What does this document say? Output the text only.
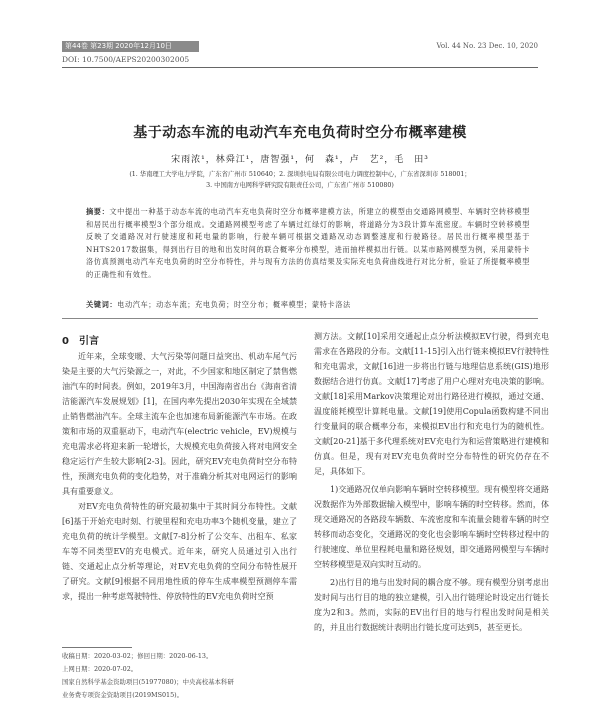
第44卷 第23期 2020年12月10日	Vol. 44 No. 23 Dec. 10, 2020
DOI: 10.7500/AEPS20200302005
基于动态车流的电动汽车充电负荷时空分布概率建模
宋雨浓¹，林舜江¹，唐智强¹，何　森¹，卢　艺²，毛　田³
(1. 华南理工大学电力学院，广东省广州市 510640；2. 深圳供电局有限公司电力调度控制中心，广东省深圳市 518001；
3. 中国南方电网科学研究院有限责任公司，广东省广州市 510080)
摘要：文中提出一种基于动态车流的电动汽车充电负荷时空分布概率建模方法，所建立的模型由交通路网模型、车辆时空转移模型和居民出行概率模型3个部分组成。交通路网模型考虑了车辆过红绿灯的影响，将道路分为3段计算车流密度。车辆时空转移模型反映了交通路况对行驶速度和耗电量的影响，行驶车辆可根据交通路况动态调整速度和行驶路径。居民出行概率模型基于NHTS2017数据集，得到出行目的地和出发时间的联合概率分布模型，进而抽样模拟出行链。以某市路网模型为例，采用蒙特卡洛仿真预测电动汽车充电负荷的时空分布特性，并与现有方法的仿真结果及实际充电负荷曲线进行对比分析，验证了所提概率模型的正确性和有效性。
关键词：电动汽车；动态车流；充电负荷；时空分布；概率模型；蒙特卡洛法
0　引言

近年来，全球变暖、大气污染等问题日益突出、机动车尾气污染是主要的大气污染源之一，对此，不少国家和地区制定了禁售燃油汽车的时间表。例如，2019年3月，中国海南省出台《海南省清洁能源汽车发展规划》[1]，在国内率先提出2030年实现在全域禁止销售燃油汽车。全球主流车企也加速布局新能源汽车市场。在政策和市场的双重驱动下，电动汽车(electric vehicle，EV)规模与充电需求必将迎来新一轮增长，大规模充电负荷接入将对电网安全稳定运行产生较大影响[2-3]。因此，研究EV充电负荷时空分布特性，预测充电负荷的变化趋势，对于准确分析其对电网运行的影响具有重要意义。

对EV充电负荷特性的研究最初集中于其时间分布特性。文献[6]基于开始充电时刻、行驶里程和充电功率3个随机变量，建立了充电负荷的统计学模型。文献[7-8]分析了公交车、出租车、私家车等不同类型EV的充电模式。近年来，研究人员通过引入出行链、交通起止点分析等理论，对EV充电负荷的空间分布特性展开了研究。文献[9]根据不同用地性质的停车生成率模型预测停车需求，提出一种考虑驾驶特性、停放特性的EV充电负荷时空预

测方法。文献[10]采用交通起止点分析法模拟EV行驶，得到充电需求在各路段的分布。文献[11-15]引入出行链来模拟EV行驶特性和充电需求，文献[16]进一步将出行链与地理信息系统(GIS)地形数据结合进行仿真。文献[17]考虑了用户心理对充电决策的影响。文献[18]采用Markov决策理论对出行路径进行模拟，通过交通、温度能耗模型计算耗电量。文献[19]使用Copula函数构建不同出行变量间的联合概率分布，来模拟EV出行和充电行为的随机性。文献[20-21]基于多代理系统对EV充电行为和运营策略进行建模和仿真。但是，现有对EV充电负荷时空分布特性的研究仍存在不足，具体如下。

1)交通路况仅单向影响车辆时空转移模型。现有模型将交通路况数据作为外部数据输入模型中，影响车辆的时空转移。然而，体现交通路况的各路段车辆数、车流密度和车流量会随着车辆的时空转移而动态变化，交通路况的变化也会影响车辆时空转移过程中的行驶速度、单位里程耗电量和路径规划，即交通路网模型与车辆时空转移模型是双向实时互动的。

2)出行目的地与出发时间的耦合度不够。现有模型分别考虑出发时间与出行目的地的独立建模，引入出行链理论时设定出行链长度为2和3。然而，实际的EV出行目的地与行程出发时间是相关的，并且出行数据统计表明出行链长度可达到5，甚至更长。

收稿日期：2020-03-02；修回日期：2020-06-13。
上网日期：2020-07-02。
国家自然科学基金资助项目(51977080)；中央高校基本科研
业务费专项资金资助项目(2019MS015)。
